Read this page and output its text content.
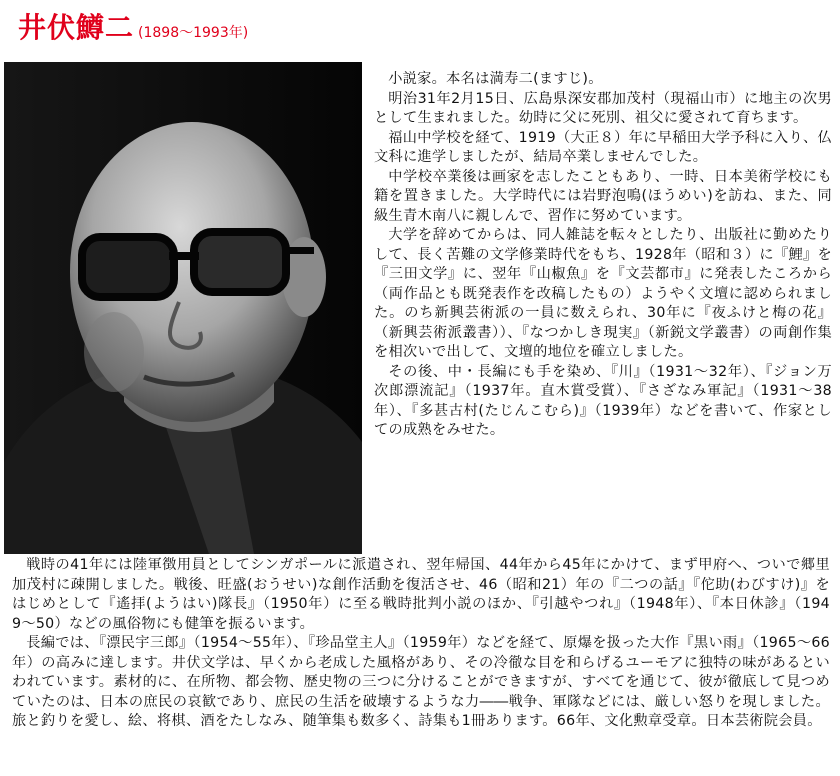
井伏鱒二 (1898〜1993年)

小説家。本名は満寿二(ますじ)。

明治31年2月15日、広島県深安郡加茂村（現福山市）に地主の次男として生まれました。幼時に父に死別、祖父に愛されて育ちます。

福山中学校を経て、1919（大正８）年に早稲田大学予科に入り、仏文科に進学しましたが、結局卒業しませんでした。

中学校卒業後は画家を志したこともあり、一時、日本美術学校にも籍を置きました。大学時代には岩野泡鳴(ほうめい)を訪ね、また、同級生青木南八に親しんで、習作に努めています。

大学を辞めてからは、同人雑誌を転々としたり、出版社に勤めたりして、長く苦難の文学修業時代をもち、1928年（昭和３）に『鯉』を『三田文学』に、翌年『山椒魚』を『文芸都市』に発表したころから（両作品とも既発表作を改稿したもの）ようやく文壇に認められました。のち新興芸術派の一員に数えられ、30年に『夜ふけと梅の花』（新興芸術派叢書））、『なつかしき現実』（新鋭文学叢書）の両創作集を相次いで出して、文壇的地位を確立しました。

その後、中・長編にも手を染め、『川』（1931〜32年）、『ジョン万次郎漂流記』（1937年。直木賞受賞）、『さざなみ軍記』（1931〜38年）、『多甚古村(たじんこむら)』（1939年）などを書いて、作家としての成熟をみせた。

戦時の41年には陸軍徴用員としてシンガポールに派遣され、翌年帰国、44年から45年にかけて、まず甲府へ、ついで郷里加茂村に疎開しました。戦後、旺盛(おうせい)な創作活動を復活させ、46（昭和21）年の『二つの話』『佗助(わびすけ)』をはじめとして『遙拝(ようはい)隊長』（1950年）に至る戦時批判小説のほか、『引越やつれ』（1948年）、『本日休診』（1949〜50）などの風俗物にも健筆を振るいます。

長編では、『漂民宇三郎』（1954〜55年）、『珍品堂主人』（1959年）などを経て、原爆を扱った大作『黒い雨』（1965〜66年）の高みに達します。井伏文学は、早くから老成した風格があり、その冷徹な目を和らげるユーモアに独特の味があるといわれています。素材的に、在所物、都会物、歴史物の三つに分けることができますが、すべてを通じて、彼が徹底して見つめていたのは、日本の庶民の哀歓であり、庶民の生活を破壊するような力――戦争、軍隊などには、厳しい怒りを現しました。旅と釣りを愛し、絵、将棋、酒をたしなみ、随筆集も数多く、詩集も1冊あります。66年、文化勲章受章。日本芸術院会員。
